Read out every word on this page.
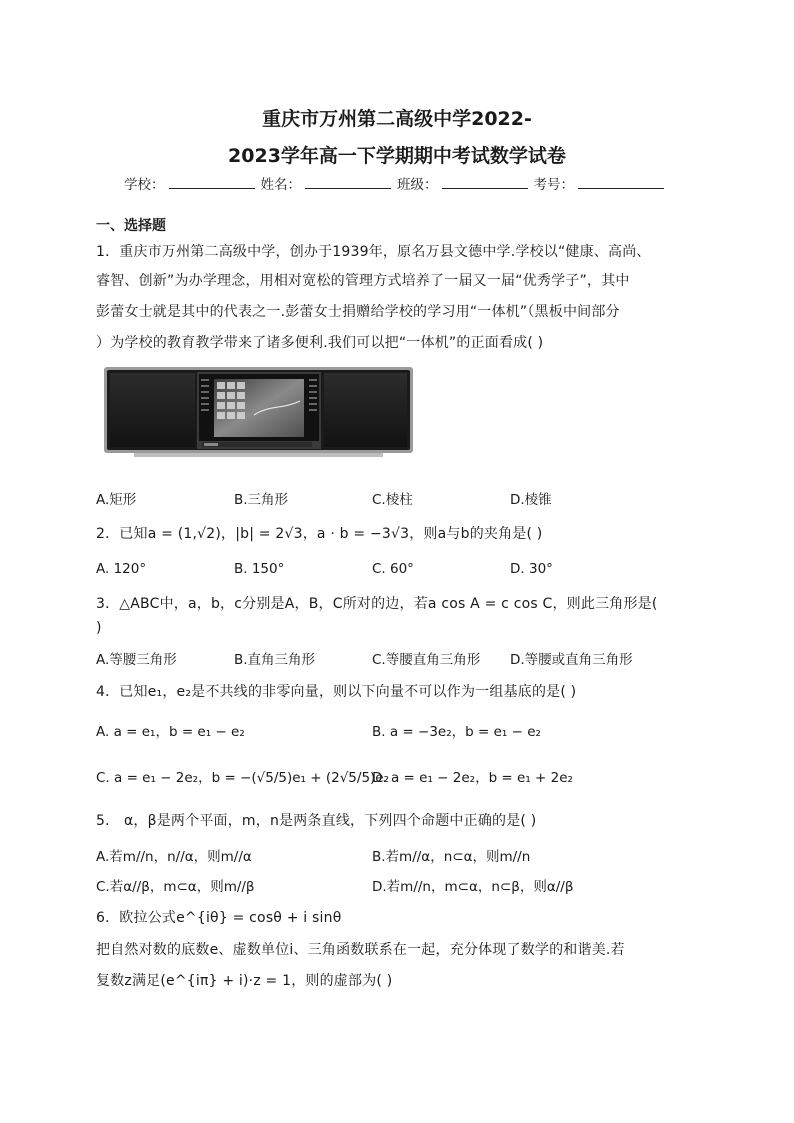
重庆市万州第二高级中学2022-
2023学年高一下学期期中考试数学试卷
学校：	姓名：	班级：	考号：
一、选择题
1．重庆市万州第二高级中学，创办于1939年，原名万县文德中学.学校以“健康、高尚、
睿智、创新”为办学理念，用相对宽松的管理方式培养了一届又一届“优秀学子”，其中
彭蕾女士就是其中的代表之一.彭蕾女士捐赠给学校的学习用“一体机”（黑板中间部分
）为学校的教育教学带来了诸多便利.我们可以把“一体机”的正面看成( )
A.矩形	B.三角形	C.棱柱	D.棱锥
2．已知a = (1,√2)，|b| = 2√3，a · b = −3√3，则a与b的夹角是( )
A. 120°	B. 150°	C. 60°	D. 30°
3．△ABC中，a，b，c分别是A，B，C所对的边，若a cos A = c cos C，则此三角形是(
)
A.等腰三角形	B.直角三角形	C.等腰直角三角形 D.等腰或直角三角形
4．已知e₁，e₂是不共线的非零向量，则以下向量不可以作为一组基底的是( )
A. a = e₁，b = e₁ − e₂	B. a = −3e₂，b = e₁ − e₂
C. a = e₁ − 2e₂，b = −(√5/5)e₁ + (2√5/5)e₂
D. a = e₁ − 2e₂，b = e₁ + 2e₂
5． α，β是两个平面，m，n是两条直线，下列四个命题中正确的是( )
A.若m//n，n//α，则m//α	B.若m//α，n⊂α，则m//n
C.若α//β，m⊂α，则m//β	D.若m//n，m⊂α，n⊂β，则α//β
6．欧拉公式e^{iθ} = cosθ + i sinθ
把自然对数的底数e、虚数单位i、三角函数联系在一起，充分体现了数学的和谐美.若
复数z满足(e^{iπ} + i)·z = 1，则的虚部为( )
